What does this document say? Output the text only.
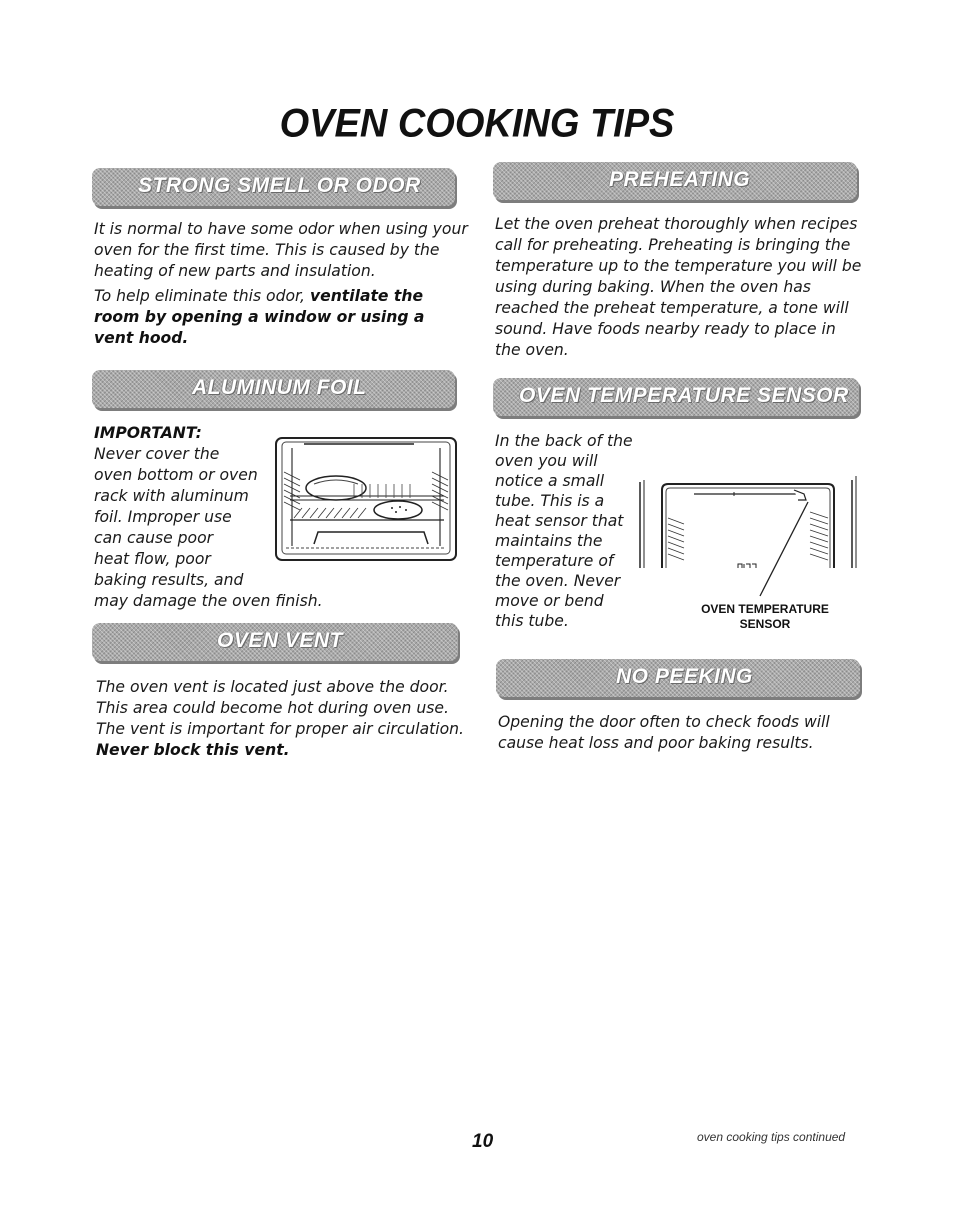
OVEN COOKING TIPS
STRONG SMELL OR ODOR
It is normal to have some odor when using your
oven for the first time. This is caused by the
heating of new parts and insulation.
To help eliminate this odor, ventilate the
room by opening a window or using a
vent hood.
ALUMINUM FOIL
IMPORTANT:
Never cover the
oven bottom or oven
rack with aluminum
foil. Improper use
can cause poor
heat flow, poor
baking results, and
may damage the oven finish.
OVEN VENT
The oven vent is located just above the door.
This area could become hot during oven use.
The vent is important for proper air circulation.
Never block this vent.
PREHEATING
Let the oven preheat thoroughly when recipes
call for preheating. Preheating is bringing the
temperature up to the temperature you will be
using during baking. When the oven has
reached the preheat temperature, a tone will
sound. Have foods nearby ready to place in
the oven.
OVEN TEMPERATURE SENSOR
In the back of the
oven you will
notice a small
tube. This is a
heat sensor that
maintains the
temperature of
the oven. Never
move or bend
this tube.
OVEN TEMPERATURE
SENSOR
NO PEEKING
Opening the door often to check foods will
cause heat loss and poor baking results.
10	oven cooking tips continued
